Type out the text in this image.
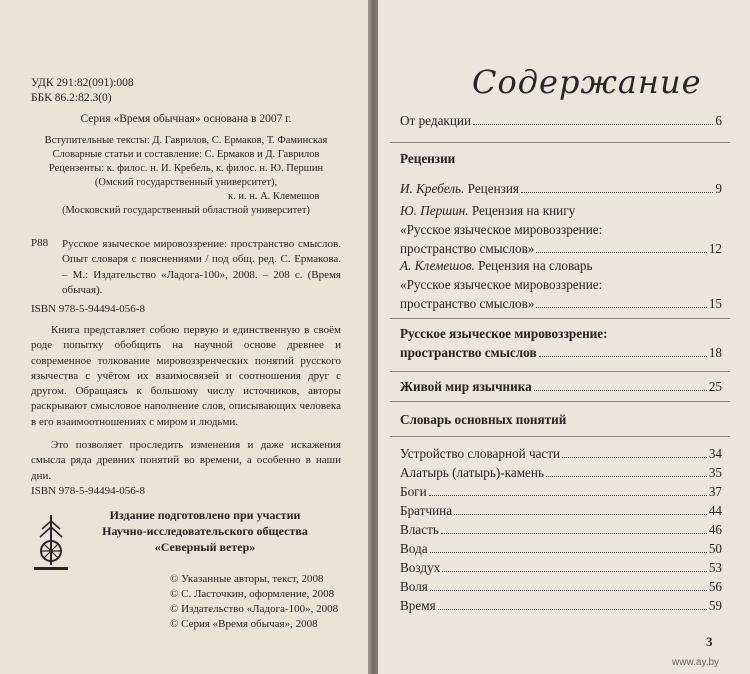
УДК 291:82(091):008
ББК 86.2:82.3(0)
Серия «Время обычная» основана в 2007 г.
Вступительные тексты: Д. Гаврилов, С. Ермаков, Т. Фаминская
Словарные статьи и составление: С. Ермаков и Д. Гаврилов
Рецензенты: к. филос. н. И. Кребель, к. филос. н. Ю. Першин
(Омский государственный университет),
к. и. н. А. Клемешов
(Московский государственный областной университет)
Р88 Русское языческое мировоззрение: пространство смыслов. Опыт словаря с пояснениями / под общ. ред. С. Ермакова. – М.: Издательство «Ладога-100», 2008. – 208 с. (Время обычая).
ISBN 978-5-94494-056-8
Книга представляет собою первую и единственную в своём роде попытку обобщить на научной основе древнее и современное толкование мировоззренческих понятий русского язычества с учётом их взаимосвязей и соотношения друг с другом. Обращаясь к большому числу источников, авторы раскрывают смысловое наполнение слов, описывающих человека в его взаимоотношениях с миром и людьми.
Это позволяет проследить изменения и даже искажения смысла ряда древних понятий во времени, а особенно в наши дни.
ISBN 978-5-94494-056-8
Издание подготовлено при участии
Научно-исследовательского общества
«Северный ветер»
© Указанные авторы, текст, 2008
© С. Ласточкин, оформление, 2008
© Издательство «Ладога-100», 2008
© Серия «Время обычая», 2008
Содержание
От редакции	6
Рецензии
И. Кребель. Рецензия	9
Ю. Першин. Рецензия на книгу
«Русское языческое мировоззрение:
пространство смыслов»	12
А. Клемешов. Рецензия на словарь
«Русское языческое мировоззрение:
пространство смыслов»	15
Русское языческое мировоззрение:
пространство смыслов	18
Живой мир язычника	25
Словарь основных понятий
Устройство словарной части	34
Алатырь (латырь)-камень	35
Боги	37
Братчина	44
Власть	46
Вода	50
Воздух	53
Воля	56
Время	59
3
www.ay.by
